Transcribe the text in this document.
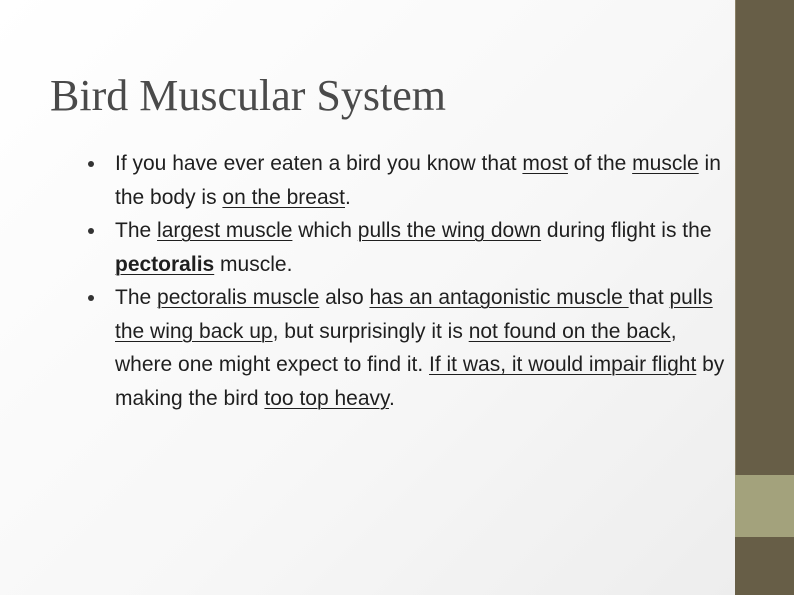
Bird Muscular System
If you have ever eaten a bird you know that most of the muscle in the body is on the breast.
The largest muscle which pulls the wing down during flight is the pectoralis muscle.
The pectoralis muscle also has an antagonistic muscle that pulls the wing back up, but surprisingly it is not found on the back, where one might expect to find it. If it was, it would impair flight by making the bird too top heavy.
